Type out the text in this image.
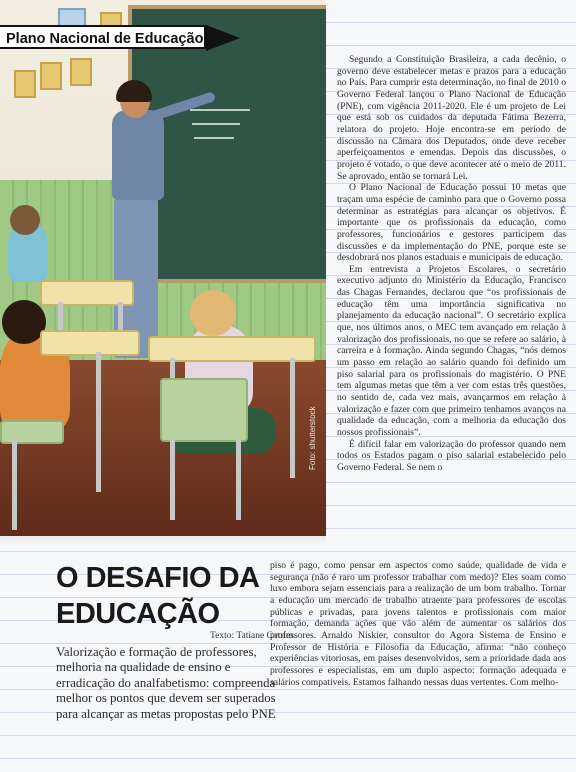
Foto: shutterstock
Plano Nacional de Educação

Segundo a Constituição Brasileira, a cada decênio, o governo deve estabelecer metas e prazos para a educação no País. Para cumprir esta determinação, no final de 2010 o Governo Federal lançou o Plano Nacional de Educação (PNE), com vigência 2011-2020. Ele é um projeto de Lei que está sob os cuidados da deputada Fátima Bezerra, relatora do projeto. Hoje encontra-se em período de discussão na Câmara dos Deputados, onde deve receber aperfeiçoamentos e emendas. Depois das discussões, o projeto é votado, o que deve acontecer até o meio de 2011. Se aprovado, então se tornará Lei.

O Plano Nacional de Educação possui 10 metas que traçam uma espécie de caminho para que o Governo possa determinar as estratégias para alcançar os objetivos. É importante que os profissionais da educação, como professores, funcionários e gestores participem das discussões e da implementação do PNE, porque este se desdobrará nos planos estaduais e municipais de educação.

Em entrevista a Projetos Escolares, o secretário executivo adjunto do Ministério da Educação, Francisco das Chagas Fernandes, declarou que “os profissionais de educação têm uma importância significativa no planejamento da educação nacional”. O secretário explica que, nos últimos anos, o MEC tem avançado em relação à valorização dos profissionais, no que se refere ao salário, à carreira e à formação. Ainda segundo Chagas, “nós demos um passo em relação ao salário quando foi definido um piso salarial para os profissionais do magistério. O PNE tem algumas metas que têm a ver com estas três questões, no sentido de, cada vez mais, avançarmos em relação à valorização e fazer com que primeiro tenhamos avanços na qualidade da educação, com a melhoria da educação dos nossos profissionais”.

É difícil falar em valorização do professor quando nem todos os Estados pagam o piso salarial estabelecido pelo Governo Federal. Se nem o

piso é pago, como pensar em aspectos como saúde, qualidade de vida e segurança (não é raro um professor trabalhar com medo)? Eles soam como luxo embora sejam essenciais para a realização de um bom trabalho. Tornar a educação um mercado de trabalho atraente para professores de escolas públicas e privadas, para jovens talentos e profissionais com maior formação, demanda ações que vão além de aumentar os salários dos professores. Arnaldo Niskier, consultor do Agora Sistema de Ensino e Professor de História e Filosofia da Educação, afirma: “não conheço experiências vitoriosas, em países desenvolvidos, sem a prioridade dada aos professores e especialistas, em um duplo aspecto: formação adequada e salários compatíveis. Estamos falhando nessas duas vertentes. Com melho-

O DESAFIO DA EDUCAÇÃO
Texto: Tatiane Cotrim
Valorização e formação de professores, melhoria na qualidade de ensino e erradicação do analfabetismo: compreenda melhor os pontos que devem ser superados para alcançar as metas propostas pelo PNE
